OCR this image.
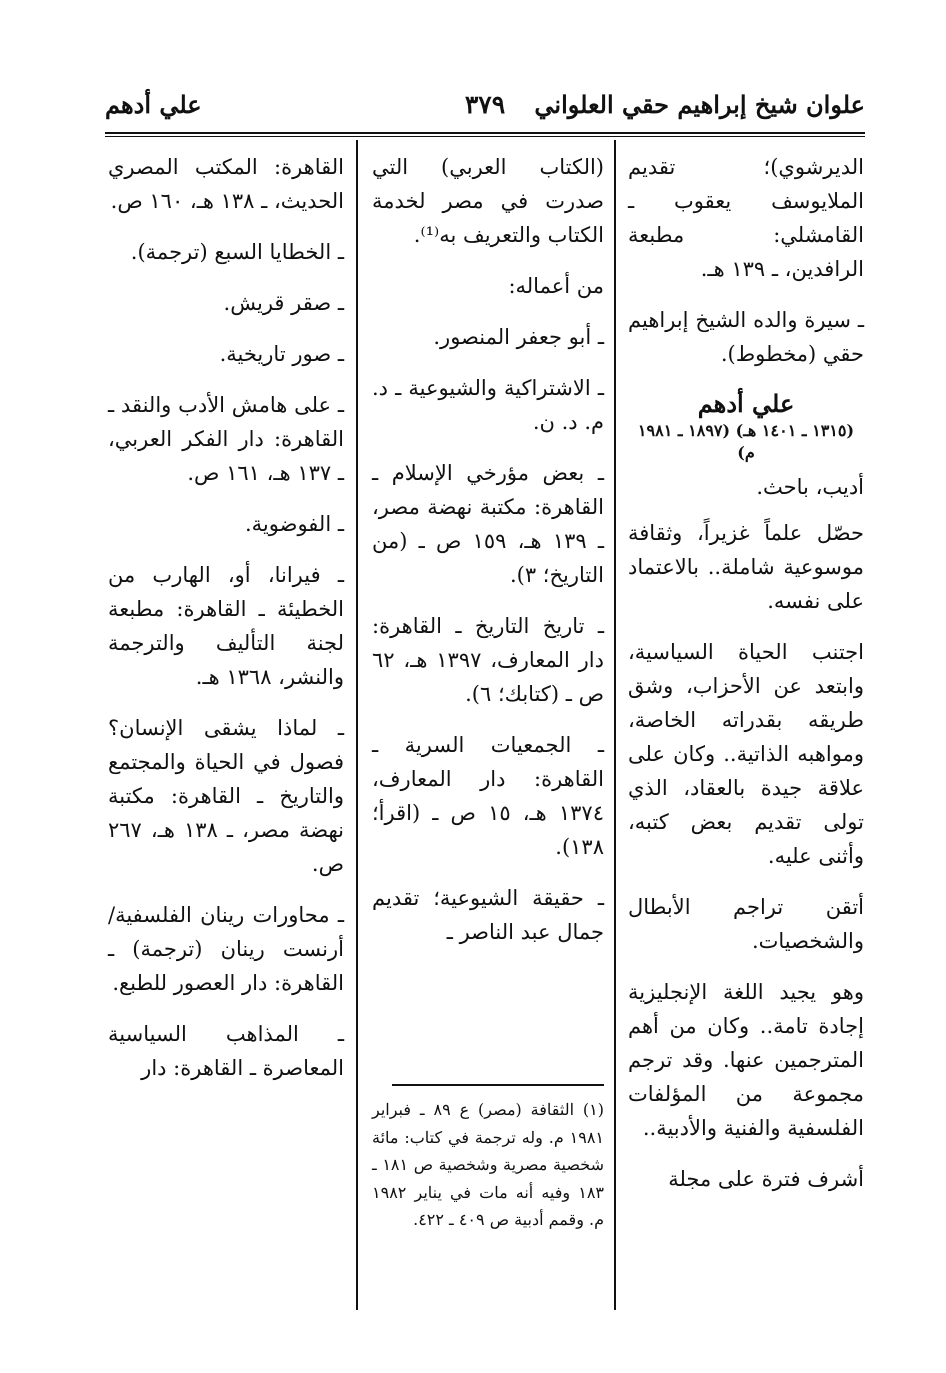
علوان شيخ إبراهيم حقي العلواني
٣٧٩
علي أدهم

الديرشوي)؛ تقديم الملايوسف يعقوب ـ القامشلي: مطبعة الرافدين، ـ ١٣٩ هـ.

ـ سيرة والده الشيخ إبراهيم حقي (مخطوط).

علي أدهم

(١٣١٥ ـ ١٤٠١ هـ) (١٨٩٧ ـ ١٩٨١ م)

أديب، باحث.

حصّل علماً غزيراً، وثقافة موسوعية شاملة.. بالاعتماد على نفسه.

اجتنب الحياة السياسية، وابتعد عن الأحزاب، وشق طريقه بقدراته الخاصة، ومواهبه الذاتية.. وكان على علاقة جيدة بالعقاد، الذي تولى تقديم بعض كتبه، وأثنى عليه.

أتقن تراجم الأبطال والشخصيات.

وهو يجيد اللغة الإنجليزية إجادة تامة.. وكان من أهم المترجمين عنها. وقد ترجم مجموعة من المؤلفات الفلسفية والفنية والأدبية..

أشرف فترة على مجلة

(الكتاب العربي) التي صدرت في مصر لخدمة الكتاب والتعريف به⁽¹⁾.

من أعماله:

ـ أبو جعفر المنصور.

ـ الاشتراكية والشيوعية ـ د. م. د. ن.

ـ بعض مؤرخي الإسلام ـ القاهرة: مكتبة نهضة مصر، ـ ١٣٩ هـ، ١٥٩ ص ـ (من التاريخ؛ ٣).

ـ تاريخ التاريخ ـ القاهرة: دار المعارف، ١٣٩٧ هـ، ٦٢ ص ـ (كتابك؛ ٦).

ـ الجمعيات السرية ـ القاهرة: دار المعارف، ١٣٧٤ هـ، ١٥ ص ـ (اقرأ؛ ١٣٨).

ـ حقيقة الشيوعية؛ تقديم جمال عبد الناصر ـ

(١) الثقافة (مصر) ع ٨٩ ـ فبراير ١٩٨١ م. وله ترجمة في كتاب: مائة شخصية مصرية وشخصية ص ١٨١ ـ ١٨٣ وفيه أنه مات في يناير ١٩٨٢ م. وقمم أدبية ص ٤٠٩ ـ ٤٢٢.

القاهرة: المكتب المصري الحديث، ـ ١٣٨ هـ، ١٦٠ ص.

ـ الخطايا السبع (ترجمة).

ـ صقر قريش.

ـ صور تاريخية.

ـ على هامش الأدب والنقد ـ القاهرة: دار الفكر العربي، ـ ١٣٧ هـ، ١٦١ ص.

ـ الفوضوية.

ـ فيرانا، أو، الهارب من الخطيئة ـ القاهرة: مطبعة لجنة التأليف والترجمة والنشر، ١٣٦٨ هـ.

ـ لماذا يشقى الإنسان؟ فصول في الحياة والمجتمع والتاريخ ـ القاهرة: مكتبة نهضة مصر، ـ ١٣٨ هـ، ٢٦٧ ص.

ـ محاورات رينان الفلسفية/ أرنست رينان (ترجمة) ـ القاهرة: دار العصور للطبع.

ـ المذاهب السياسية المعاصرة ـ القاهرة: دار
